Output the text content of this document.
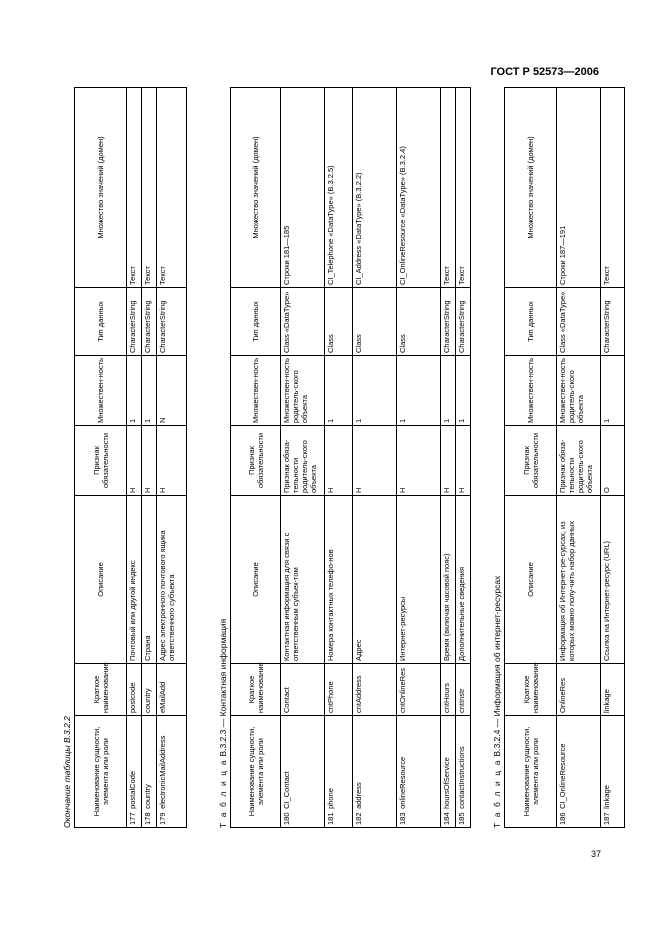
ГОСТ Р 52573—2006
Окончание таблицы В.3.2.2	Наименование сущности, элемента или роли	Краткое наименование	Описание	Признак обязательности	Множествен-ность	Тип данных	Множество значений (домен)
177 postalCode	postcode	Почтовый или другой индекс	Н	1	CharacterString	Текст
178 country	country	Страна	Н	1	CharacterString	Текст
179 electronicMailAddress	eMailAdd	Адрес электронного почтового ящика ответственного субъекта	Н	N	CharacterString	Текст
Т а б л и ц а В.3.2.3 — Контактная информация
Наименование сущности, элемента или роли	Краткое наименование	Описание	Признак обязательности	Множествен-ность	Тип данных	Множество значений (домен)
180 CI_Contact	Contact	Контактная информация для связи с ответственным субъек-том	Признак обяза-тельности родитель-ского объекта	Множествен-ность родитель-ского объекта	Class «DataType»	Строки 181—185
181 phone	cntPhone	Номера контактных телефо-нов	Н	1	Class	CI_Telephone «DataType» (В.3.2.5)
182 address	cntAddress	Адрес	Н	1	Class	CI_Address «DataType» (В.3.2.2)
183 onlineResource	cntOnlineRes	Интернет-ресурсы	Н	1	Class	CI_OnlineResource «DataType» (В.3.2.4)
184 hoursOfService	cntHours	Время (включая часовой пояс)	Н	1	CharacterString	Текст
185 contactInstructions	cntInstr	Дополнительные сведения	Н	1	CharacterString	Текст
Т а б л и ц а В.3.2.4 — Информация об интернет-ресурсах
Наименование сущности, элемента или роли	Краткое наименование	Описание	Признак обязательности	Множествен-ность	Тип данных	Множество значений (домен)
186 CI_OnlineResource	OnlineRes	Информация об Интернет-ре-сурсах, из которых можно полу-чить набор данных	Признак обяза-тельности родитель-ского объекта	Множествен-ность родитель-ского объекта	Class «DataType»	Строки 187—191
187 linkage	linkage	Ссылка на Интернет-ресурс (URL)	О	1	CharacterString	Текст
37
